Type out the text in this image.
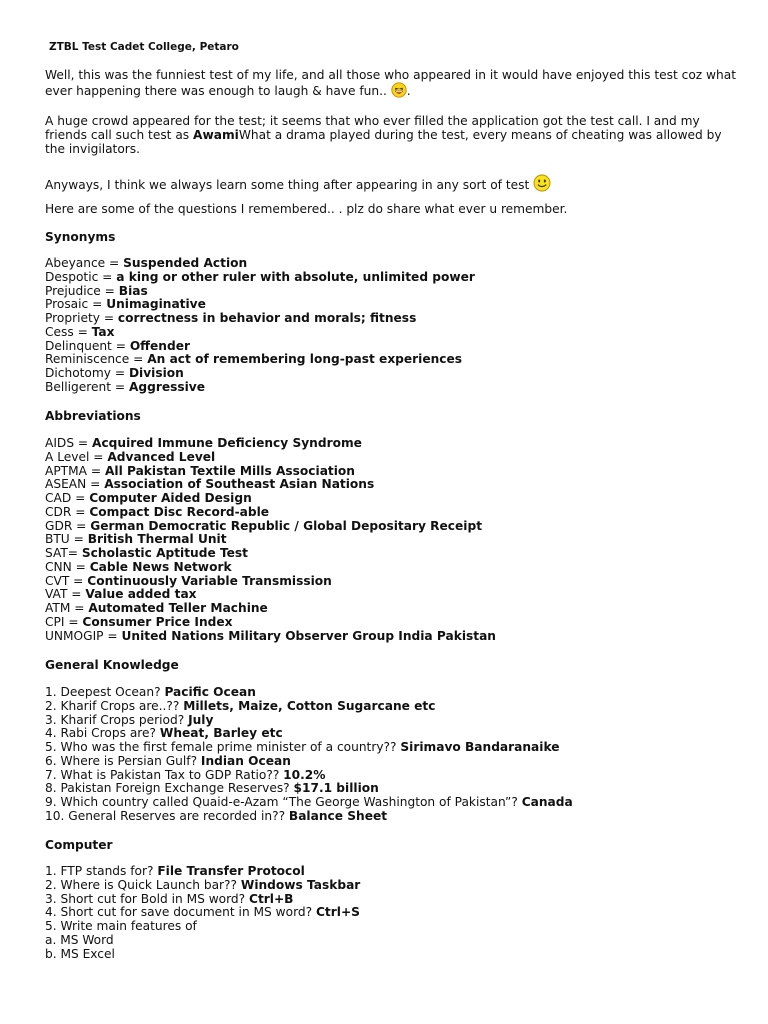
ZTBL Test Cadet College, Petaro
Well, this was the funniest test of my life, and all those who appeared in it would have enjoyed this test coz what ever happening there was enough to laugh & have fun.. .
A huge crowd appeared for the test; it seems that who ever filled the application got the test call. I and my friends call such test as AwamiWhat a drama played during the test, every means of cheating was allowed by the invigilators.
Anyways, I think we always learn some thing after appearing in any sort of test
Here are some of the questions I remembered.. . plz do share what ever u remember.
Synonyms
Abeyance = Suspended Action
Despotic = a king or other ruler with absolute, unlimited power
Prejudice = Bias
Prosaic = Unimaginative
Propriety = correctness in behavior and morals; fitness
Cess = Tax
Delinquent = Offender
Reminiscence = An act of remembering long-past experiences
Dichotomy = Division
Belligerent = Aggressive
Abbreviations
AIDS = Acquired Immune Deficiency Syndrome
A Level = Advanced Level
APTMA = All Pakistan Textile Mills Association
ASEAN = Association of Southeast Asian Nations
CAD = Computer Aided Design
CDR = Compact Disc Record-able
GDR = German Democratic Republic / Global Depositary Receipt
BTU = British Thermal Unit
SAT= Scholastic Aptitude Test
CNN = Cable News Network
CVT = Continuously Variable Transmission
VAT = Value added tax
ATM = Automated Teller Machine
CPI = Consumer Price Index
UNMOGIP = United Nations Military Observer Group India Pakistan
General Knowledge
1. Deepest Ocean? Pacific Ocean
2. Kharif Crops are..?? Millets, Maize, Cotton Sugarcane etc
3. Kharif Crops period? July
4. Rabi Crops are? Wheat, Barley etc
5. Who was the first female prime minister of a country?? Sirimavo Bandaranaike
6. Where is Persian Gulf? Indian Ocean
7. What is Pakistan Tax to GDP Ratio?? 10.2%
8. Pakistan Foreign Exchange Reserves? $17.1 billion
9. Which country called Quaid-e-Azam “The George Washington of Pakistan”? Canada
10. General Reserves are recorded in?? Balance Sheet
Computer
1. FTP stands for? File Transfer Protocol
2. Where is Quick Launch bar?? Windows Taskbar
3. Short cut for Bold in MS word? Ctrl+B
4. Short cut for save document in MS word? Ctrl+S
5. Write main features of
a. MS Word
b. MS Excel
